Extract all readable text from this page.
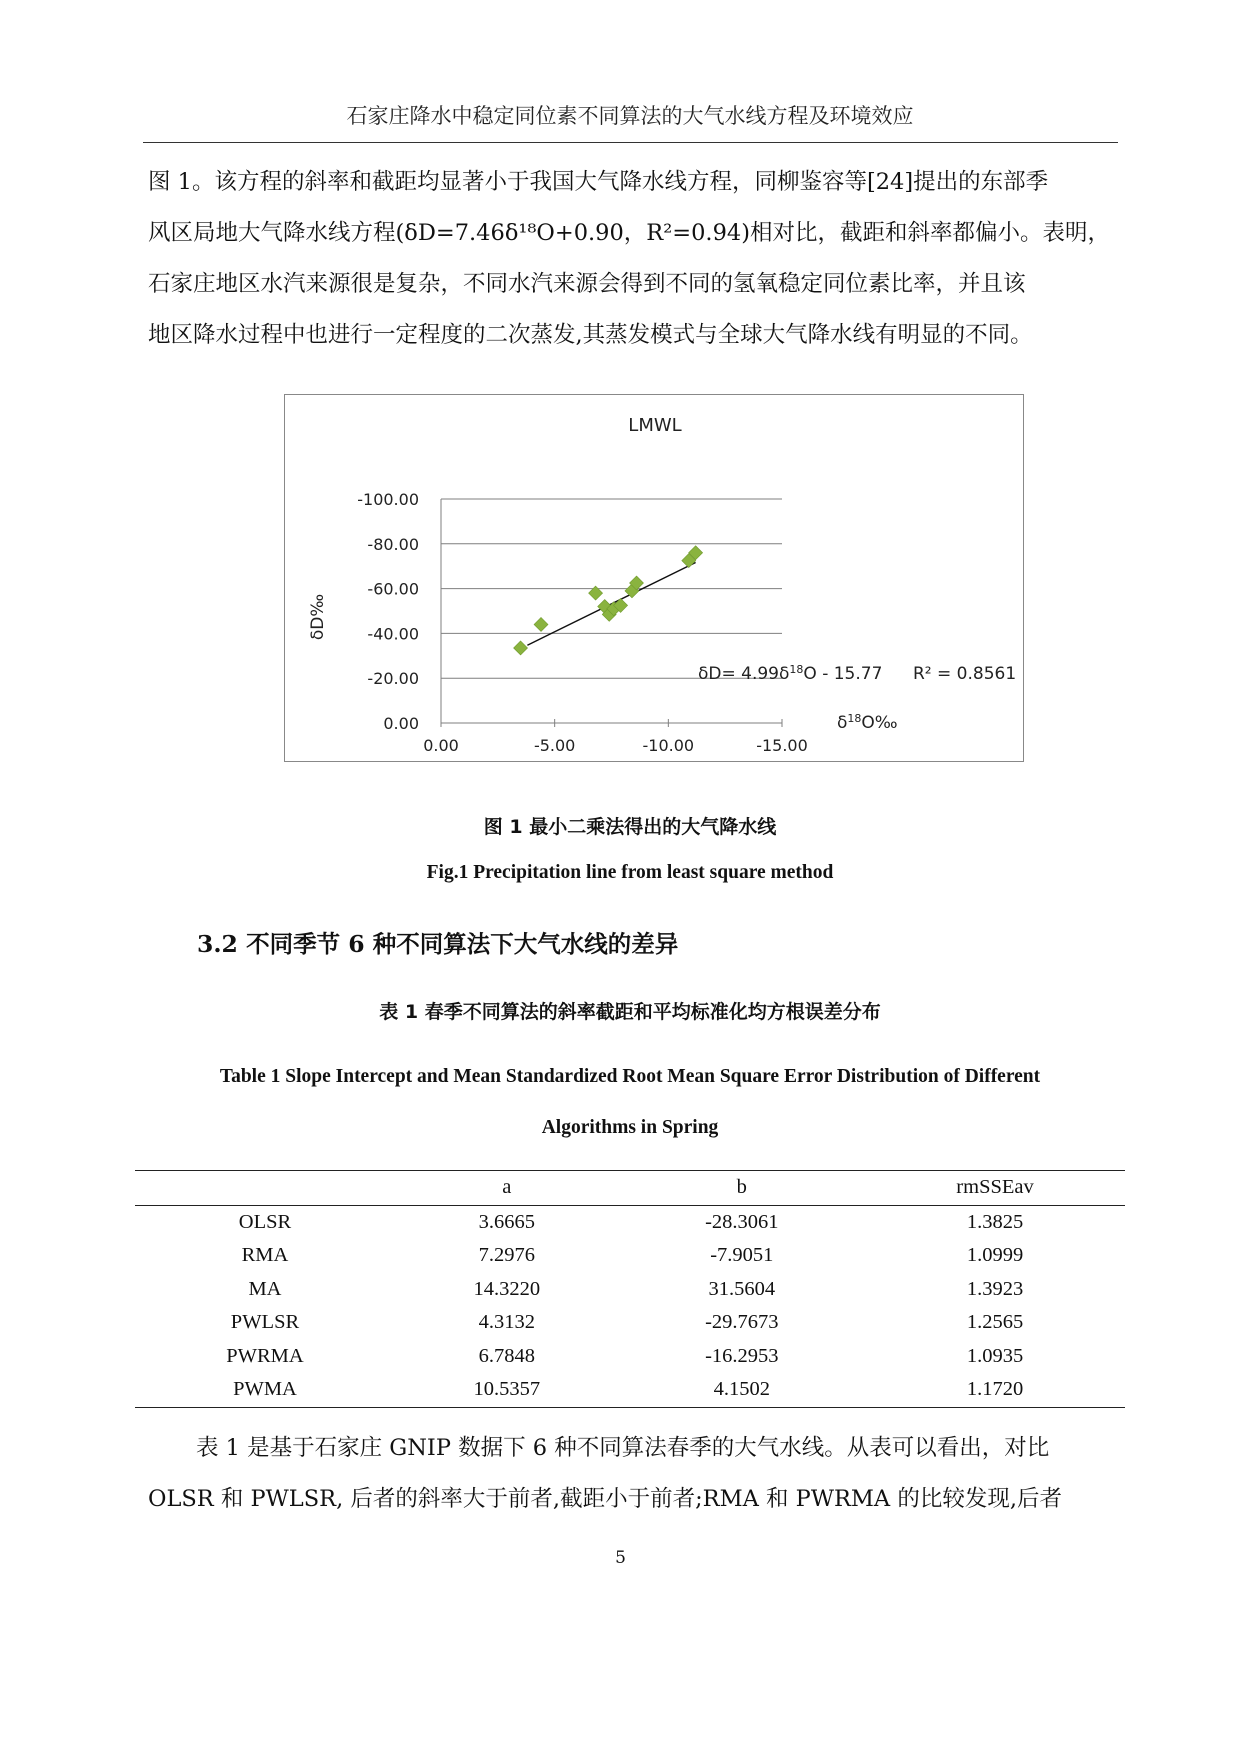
石家庄降水中稳定同位素不同算法的大气水线方程及环境效应

图 1。该方程的斜率和截距均显著小于我国大气降水线方程，同柳鉴容等[24]提出的东部季

风区局地大气降水线方程(δD=7.46δ¹⁸O+0.90，R²=0.94)相对比，截距和斜率都偏小。表明，

石家庄地区水汽来源很是复杂，不同水汽来源会得到不同的氢氧稳定同位素比率，并且该

地区降水过程中也进行一定程度的二次蒸发,其蒸发模式与全球大气降水线有明显的不同。

0.00
-20.00
-40.00
-60.00
-80.00
-100.00
0.00	-5.00	-10.00	-15.00
LMWL
$\delta D= 4.99\delta^{18}O - 15.77$ R² = 0.8561
$\delta^{18}O‰$
δD‰
图 1 最小二乘法得出的大气降水线
Fig.1 Precipitation line from least square method
3.2 不同季节 6 种不同算法下大气水线的差异
表 1 春季不同算法的斜率截距和平均标准化均方根误差分布
Table 1 Slope Intercept and Mean Standardized Root Mean Square Error Distribution of Different
Algorithms in Spring
	a	b	rmSSEav
OLSR	3.6665	-28.3061	1.3825
RMA	7.2976	-7.9051	1.0999
MA	14.3220	31.5604	1.3923
PWLSR	4.3132	-29.7673	1.2565
PWRMA	6.7848	-16.2953	1.0935
PWMA	10.5357	4.1502	1.1720

表 1 是基于石家庄 GNIP 数据下 6 种不同算法春季的大气水线。从表可以看出，对比

OLSR 和 PWLSR, 后者的斜率大于前者,截距小于前者;RMA 和 PWRMA 的比较发现,后者

5
